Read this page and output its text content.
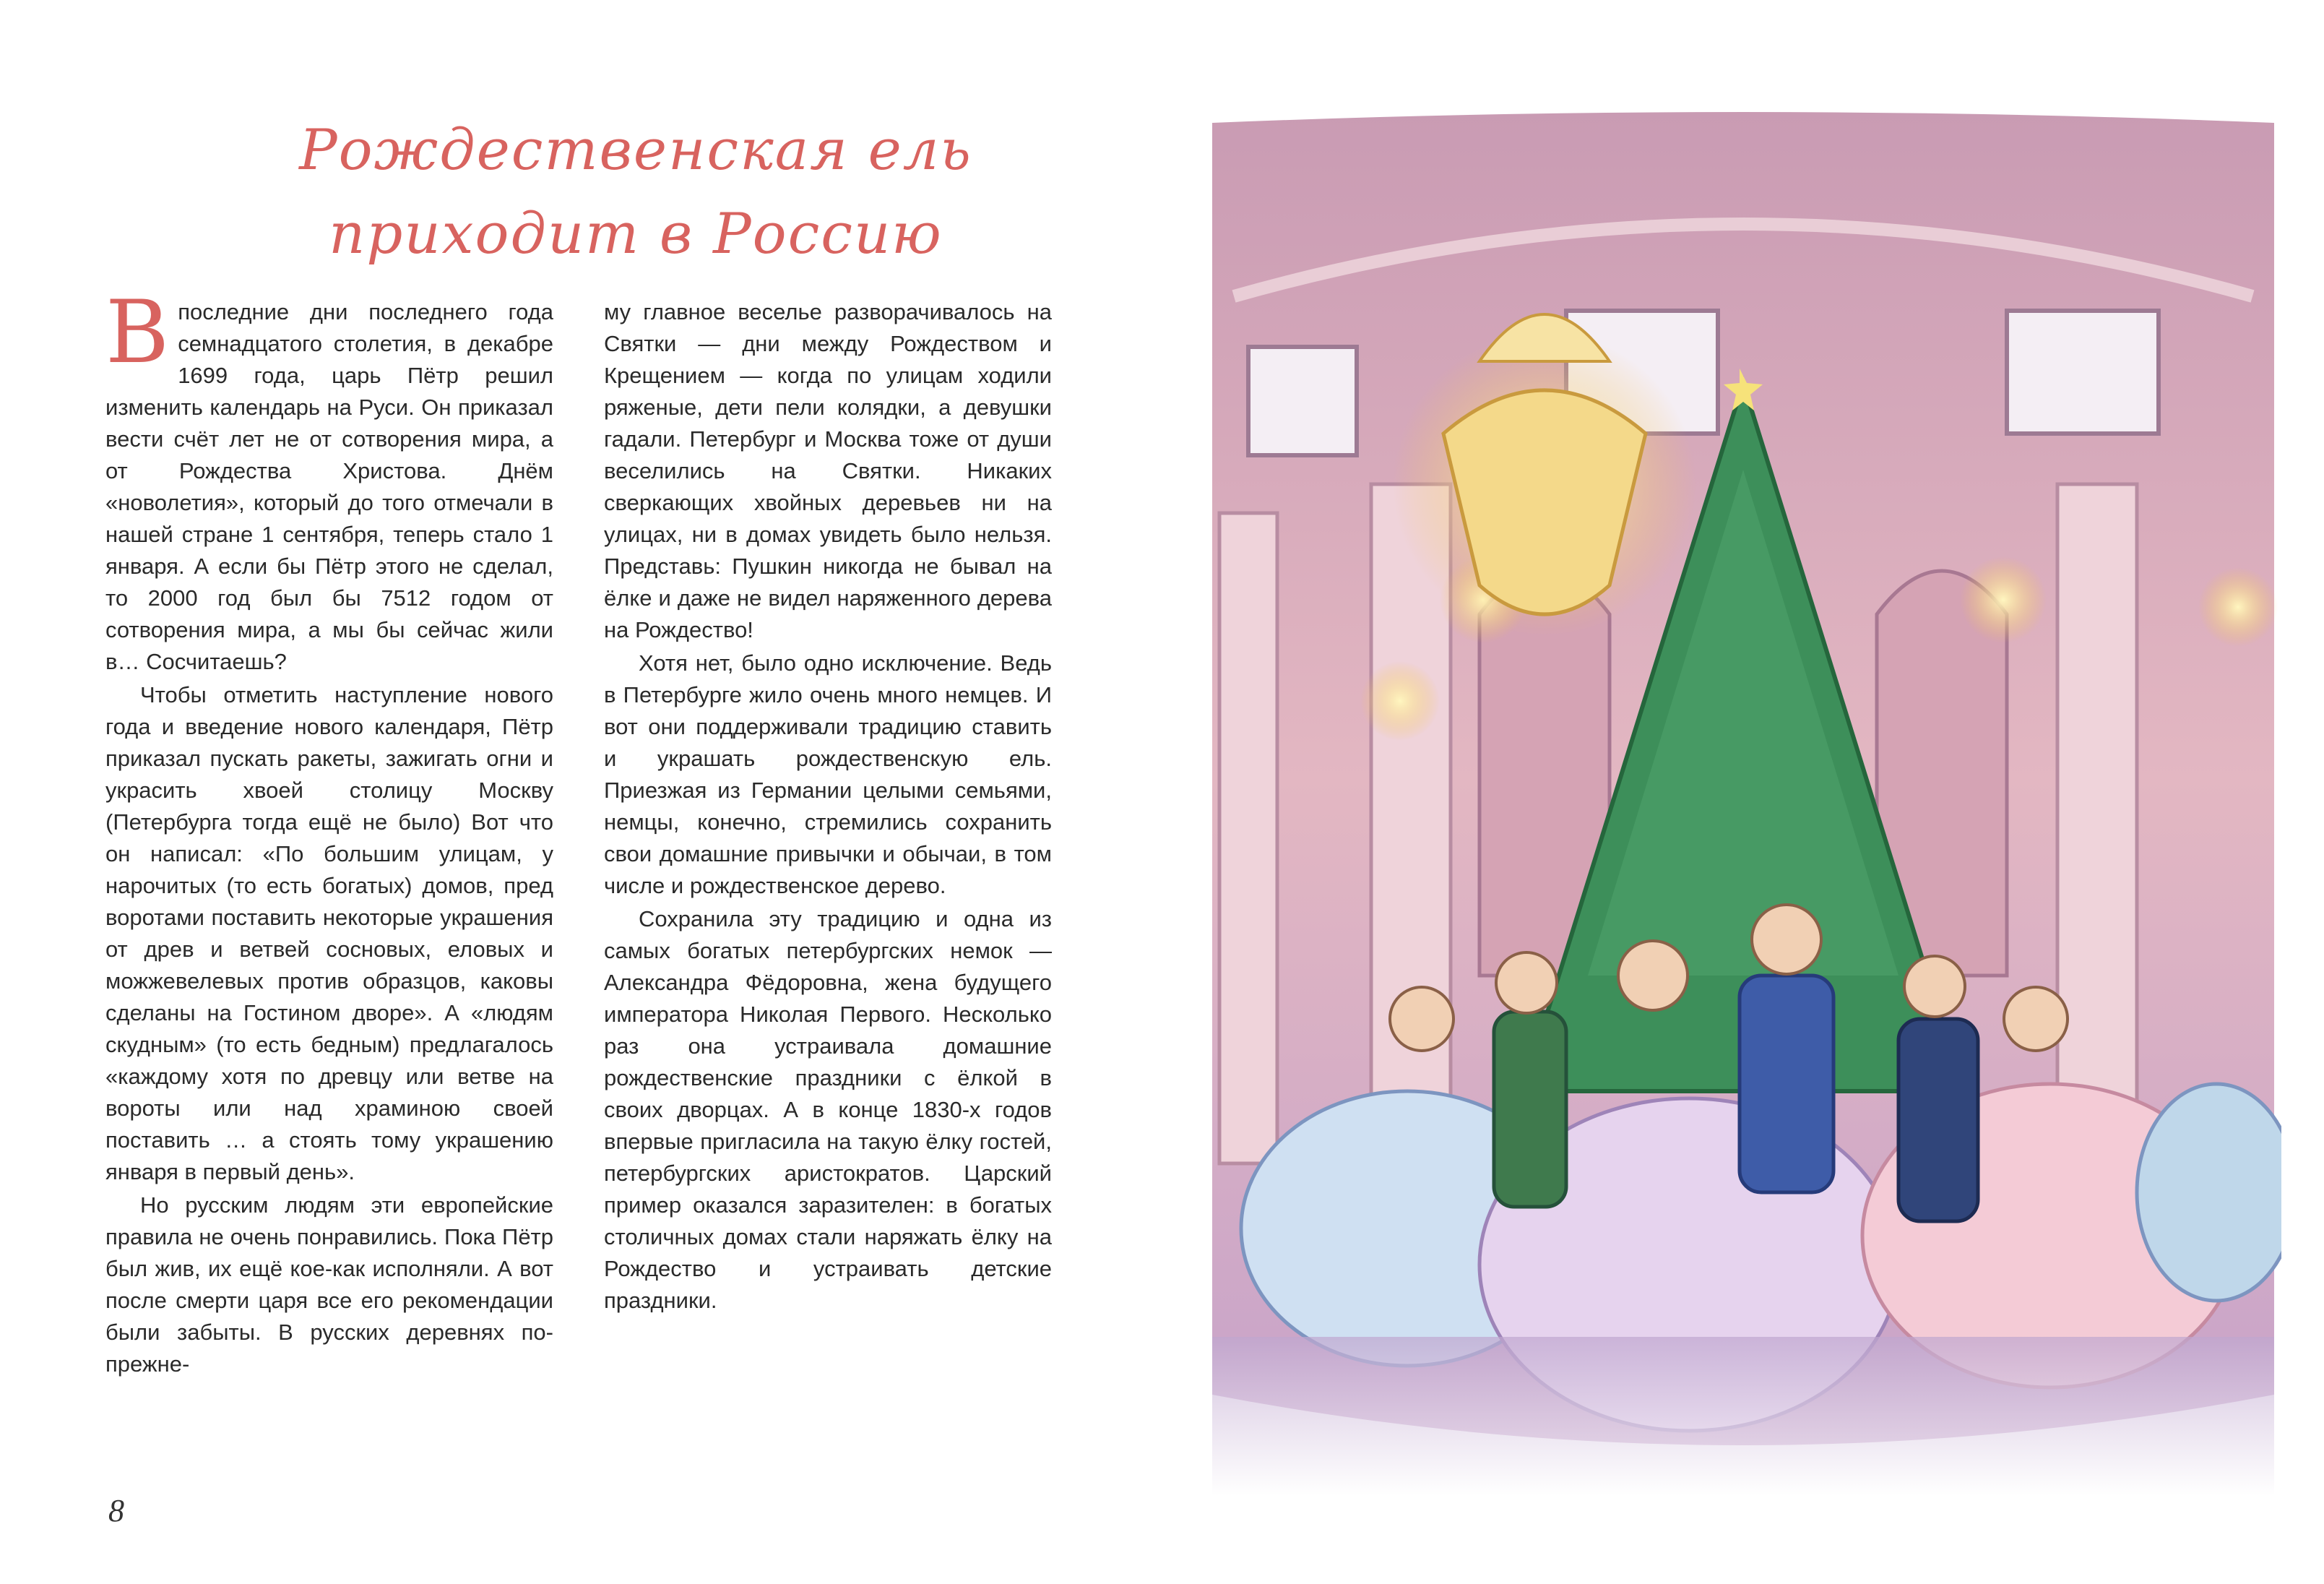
Рождественская ель
приходит в Россию

Впоследние дни последнего года семнадцатого столетия, в декабре 1699 года, царь Пётр решил изменить календарь на Руси. Он приказал вести счёт лет не от сотворения мира, а от Рождества Христова. Днём «новолетия», который до того отмечали в нашей стране 1 сентября, теперь стало 1 января. А если бы Пётр этого не сделал, то 2000 год был бы 7512 годом от сотворения мира, а мы бы сейчас жили в… Сосчитаешь?

Чтобы отметить наступление нового года и введение нового календаря, Пётр приказал пускать ракеты, зажигать огни и украсить хвоей столицу Москву (Петербурга тогда ещё не было) Вот что он написал: «По большим улицам, у нарочитых (то есть богатых) домов, пред воротами поставить некоторые украшения от древ и ветвей сосновых, еловых и можжевелевых против образцов, каковы сделаны на Гостином дворе». А «людям скудным» (то есть бедным) предлагалось «каждому хотя по древцу или ветве на вороты или над храминою своей поставить … а стоять тому украшению января в первый день».

Но русским людям эти европейские правила не очень понравились. Пока Пётр был жив, их ещё кое-как исполняли. А вот после смерти царя все его рекомендации были забыты. В русских деревнях по-прежне-

му главное веселье разворачивалось на Святки — дни между Рождеством и Крещением — когда по улицам ходили ряженые, дети пели колядки, а девушки гадали. Петербург и Москва тоже от души веселились на Святки. Никаких сверкающих хвойных деревьев ни на улицах, ни в домах увидеть было нельзя. Представь: Пушкин никогда не бывал на ёлке и даже не видел наряженного дерева на Рождество!

Хотя нет, было одно исключение. Ведь в Петербурге жило очень много немцев. И вот они поддерживали традицию ставить и украшать рождественскую ель. Приезжая из Германии целыми семьями, немцы, конечно, стремились сохранить свои домашние привычки и обычаи, в том числе и рождественское дерево.

Сохранила эту традицию и одна из самых богатых петербургских немок — Александра Фёдоровна, жена будущего императора Николая Первого. Несколько раз она устраивала домашние рождественские праздники с ёлкой в своих дворцах. А в конце 1830-х годов впервые пригласила на такую ёлку гостей, петербургских аристократов. Царский пример оказался заразителен: в богатых столичных домах стали наряжать ёлку на Рождество и устраивать детские праздники.

8
